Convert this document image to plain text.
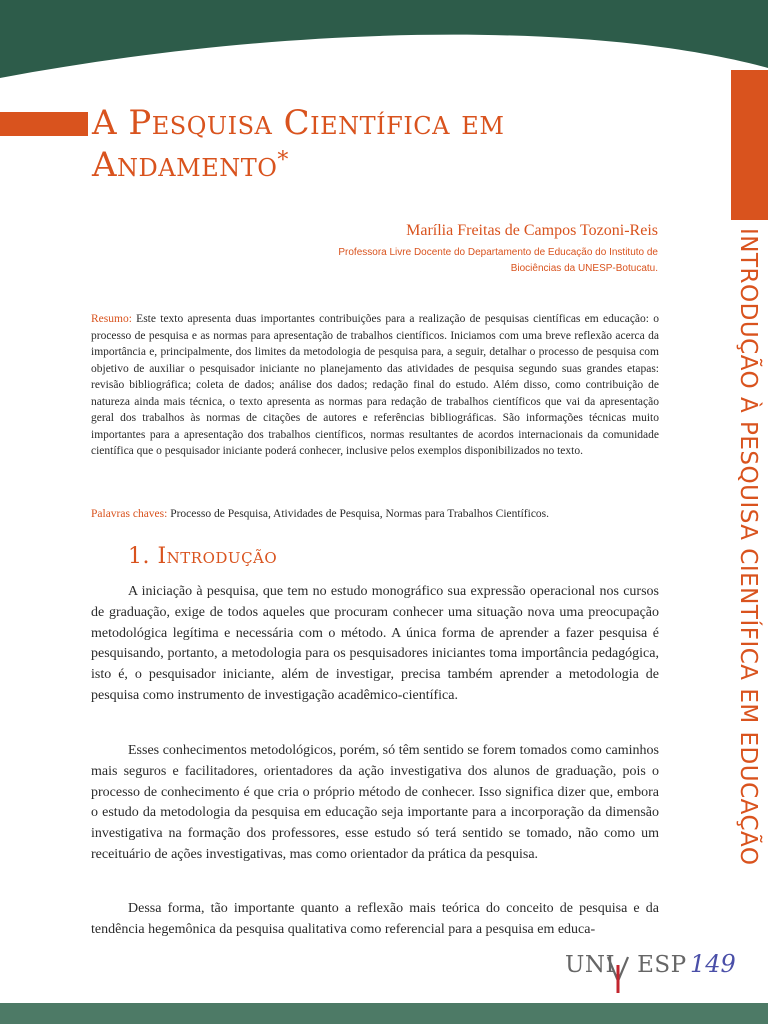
A Pesquisa Científica em
Andamento*
Marília Freitas de Campos Tozoni-Reis
Professora Livre Docente do Departamento de Educação do Instituto de
Biociências da UNESP-Botucatu.

Resumo: Este texto apresenta duas importantes contribuições para a realização de pesquisas científicas em educação: o processo de pesquisa e as normas para apresentação de trabalhos científicos. Iniciamos com uma breve reflexão acerca da importância e, principalmente, dos limites da metodologia de pesquisa para, a seguir, detalhar o processo de pesquisa com objetivo de auxiliar o pesquisador iniciante no planejamento das atividades de pesquisa segundo suas grandes etapas: revisão bibliográfica; coleta de dados; análise dos dados; redação final do estudo. Além disso, como contribuição de natureza ainda mais técnica, o texto apresenta as normas para redação de trabalhos científicos que vai da apresentação geral dos trabalhos às normas de citações de autores e referências bibliográficas. São informações técnicas muito importantes para a apresentação dos trabalhos científicos, normas resultantes de acordos internacionais da comunidade científica que o pesquisador iniciante poderá conhecer, inclusive pelos exemplos disponibilizados no texto.

Palavras chaves: Processo de Pesquisa, Atividades de Pesquisa, Normas para Trabalhos Científicos.

1. Introdução

A iniciação à pesquisa, que tem no estudo monográfico sua expressão operacional nos cursos de graduação, exige de todos aqueles que procuram conhecer uma situação nova uma preocupação metodológica legítima e necessária com o método. A única forma de aprender a fazer pesquisa é pesquisando, portanto, a metodologia para os pesquisadores iniciantes toma importância pedagógica, isto é, o pesquisador iniciante, além de investigar, precisa também aprender a metodologia de pesquisa como instrumento de investigação acadêmico-científica.

Esses conhecimentos metodológicos, porém, só têm sentido se forem tomados como caminhos mais seguros e facilitadores, orientadores da ação investigativa dos alunos de graduação, pois o processo de conhecimento é que cria o próprio método de conhecer. Isso significa dizer que, embora o estudo da metodologia da pesquisa em educação seja importante para a incorporação da dimensão investigativa na formação dos professores, esse estudo só terá sentido se tomado, não como um receituário de ações investigativas, mas como orientador da prática da pesquisa.

Dessa forma, tão importante quanto a reflexão mais teórica do conceito de pesquisa e da tendência hegemônica da pesquisa qualitativa como referencial para a pesquisa em educa-

INTRODUÇÃO À PESQUISA CIENTÍFICA EM EDUCAÇÃO
UNI ESP 149
